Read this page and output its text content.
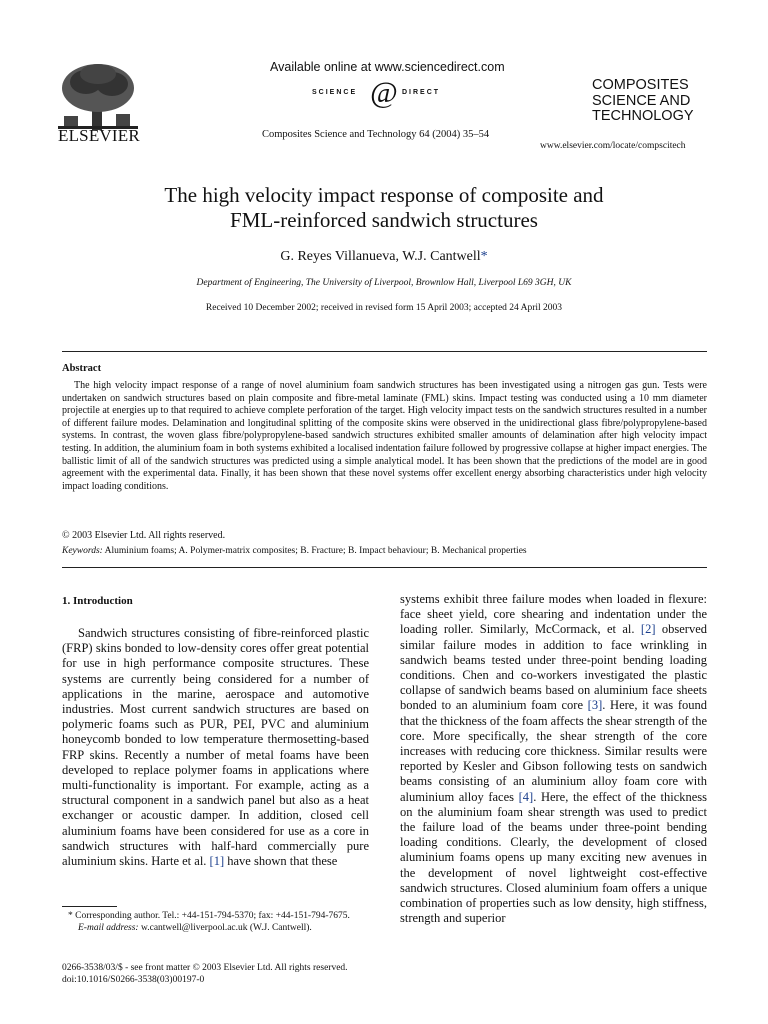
ELSEVIER
Available online at www.sciencedirect.com
SCIENCE @ DIRECT
Composites Science and Technology 64 (2004) 35–54
COMPOSITES SCIENCE AND TECHNOLOGY
www.elsevier.com/locate/compscitech
The high velocity impact response of composite and
FML-reinforced sandwich structures
G. Reyes Villanueva, W.J. Cantwell*
Department of Engineering, The University of Liverpool, Brownlow Hall, Liverpool L69 3GH, UK
Received 10 December 2002; received in revised form 15 April 2003; accepted 24 April 2003
Abstract

The high velocity impact response of a range of novel aluminium foam sandwich structures has been investigated using a nitrogen gas gun. Tests were undertaken on sandwich structures based on plain composite and fibre-metal laminate (FML) skins. Impact testing was conducted using a 10 mm diameter projectile at energies up to that required to achieve complete perforation of the target. High velocity impact tests on the sandwich structures resulted in a number of different failure modes. Delamination and longitudinal splitting of the composite skins were observed in the unidirectional glass fibre/polypropylene-based systems. In contrast, the woven glass fibre/polypropylene-based sandwich structures exhibited smaller amounts of delamination after high velocity impact testing. In addition, the aluminium foam in both systems exhibited a localised indentation failure followed by progressive collapse at higher impact energies. The ballistic limit of all of the sandwich structures was predicted using a simple analytical model. It has been shown that the predictions of the model are in good agreement with the experimental data. Finally, it has been shown that these novel systems offer excellent energy absorbing characteristics under high velocity impact loading conditions.

© 2003 Elsevier Ltd. All rights reserved.
Keywords: Aluminium foams; A. Polymer-matrix composites; B. Fracture; B. Impact behaviour; B. Mechanical properties
1. Introduction
Sandwich structures consisting of fibre-reinforced plastic (FRP) skins bonded to low-density cores offer great potential for use in high performance composite structures. These systems are currently being considered for a number of applications in the marine, aerospace and automotive industries. Most current sandwich structures are based on polymeric foams such as PUR, PEI, PVC and aluminium honeycomb bonded to low temperature thermosetting-based FRP skins. Recently a number of metal foams have been developed to replace polymer foams in applications where multi-functionality is important. For example, acting as a structural component in a sandwich panel but also as a heat exchanger or acoustic damper. In addition, closed cell aluminium foams have been considered for use as a core in sandwich structures with half-hard commercially pure aluminium skins. Harte et al. [1] have shown that these
systems exhibit three failure modes when loaded in flexure: face sheet yield, core shearing and indentation under the loading roller. Similarly, McCormack, et al. [2] observed similar failure modes in addition to face wrinkling in sandwich beams tested under three-point bending loading conditions. Chen and co-workers investigated the plastic collapse of sandwich beams based on aluminium face sheets bonded to an aluminium foam core [3]. Here, it was found that the thickness of the foam affects the shear strength of the core. More specifically, the shear strength of the core increases with reducing core thickness. Similar results were reported by Kesler and Gibson following tests on sandwich beams consisting of an aluminium alloy foam core with aluminium alloy faces [4]. Here, the effect of the thickness on the aluminium foam shear strength was used to predict the failure load of the beams under three-point bending loading conditions. Clearly, the development of closed aluminium foams opens up many exciting new avenues in the development of novel lightweight cost-effective sandwich structures. Closed aluminium foam offers a unique combination of properties such as low density, high stiffness, strength and superior
* Corresponding author. Tel.: +44-151-794-5370; fax: +44-151-794-7675.
E-mail address: w.cantwell@liverpool.ac.uk (W.J. Cantwell).
0266-3538/03/$ - see front matter © 2003 Elsevier Ltd. All rights reserved.
doi:10.1016/S0266-3538(03)00197-0
